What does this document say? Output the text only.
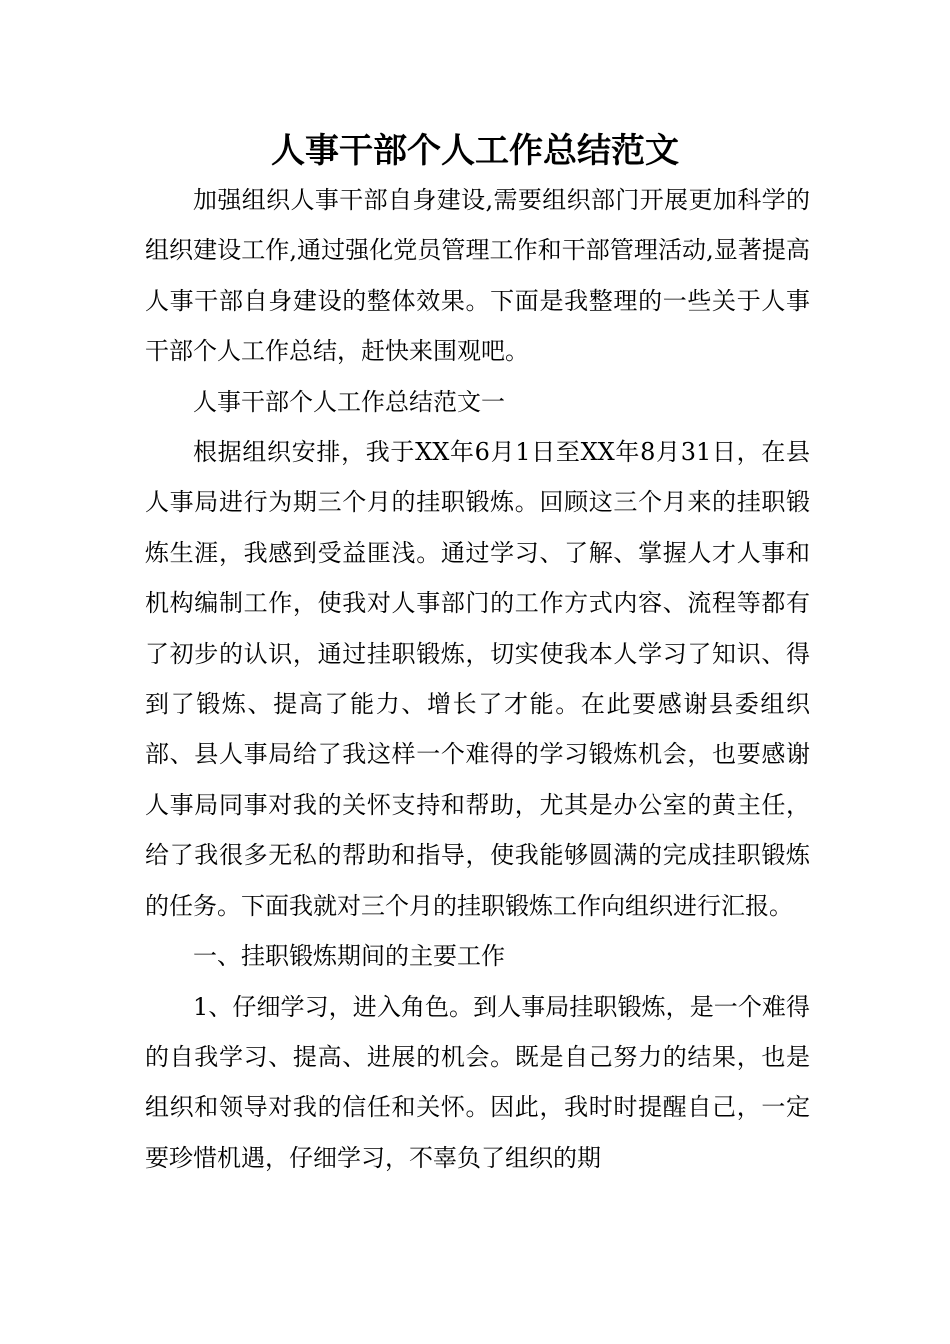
人事干部个人工作总结范文

加强组织人事干部自身建设,需要组织部门开展更加科学的组织建设工作,通过强化党员管理工作和干部管理活动,显著提高人事干部自身建设的整体效果。下面是我整理的一些关于人事干部个人工作总结，赶快来围观吧。

人事干部个人工作总结范文一

根据组织安排，我于XX年6月1日至XX年8月31日，在县人事局进行为期三个月的挂职锻炼。回顾这三个月来的挂职锻炼生涯，我感到受益匪浅。通过学习、了解、掌握人才人事和机构编制工作，使我对人事部门的工作方式内容、流程等都有了初步的认识，通过挂职锻炼，切实使我本人学习了知识、得到了锻炼、提高了能力、增长了才能。在此要感谢县委组织部、县人事局给了我这样一个难得的学习锻炼机会，也要感谢人事局同事对我的关怀支持和帮助，尤其是办公室的黄主任，给了我很多无私的帮助和指导，使我能够圆满的完成挂职锻炼的任务。下面我就对三个月的挂职锻炼工作向组织进行汇报。

一、挂职锻炼期间的主要工作

1、仔细学习，进入角色。到人事局挂职锻炼，是一个难得的自我学习、提高、进展的机会。既是自己努力的结果，也是组织和领导对我的信任和关怀。因此，我时时提醒自己，一定要珍惜机遇，仔细学习，不辜负了组织的期
